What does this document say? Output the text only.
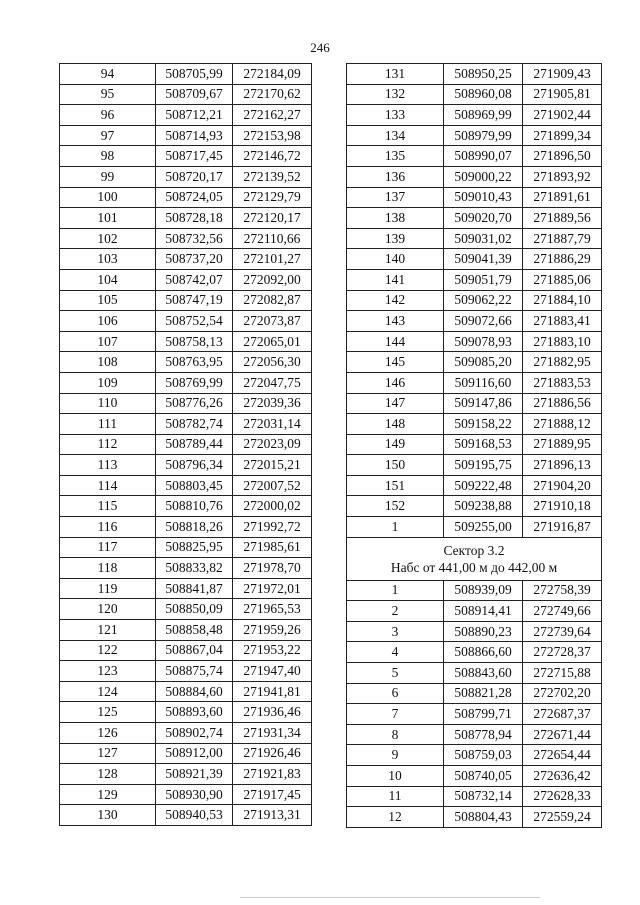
246
94	508705,99	272184,09
95	508709,67	272170,62
96	508712,21	272162,27
97	508714,93	272153,98
98	508717,45	272146,72
99	508720,17	272139,52
100	508724,05	272129,79
101	508728,18	272120,17
102	508732,56	272110,66
103	508737,20	272101,27
104	508742,07	272092,00
105	508747,19	272082,87
106	508752,54	272073,87
107	508758,13	272065,01
108	508763,95	272056,30
109	508769,99	272047,75
110	508776,26	272039,36
111	508782,74	272031,14
112	508789,44	272023,09
113	508796,34	272015,21
114	508803,45	272007,52
115	508810,76	272000,02
116	508818,26	271992,72
117	508825,95	271985,61
118	508833,82	271978,70
119	508841,87	271972,01
120	508850,09	271965,53
121	508858,48	271959,26
122	508867,04	271953,22
123	508875,74	271947,40
124	508884,60	271941,81
125	508893,60	271936,46
126	508902,74	271931,34
127	508912,00	271926,46
128	508921,39	271921,83
129	508930,90	271917,45
130	508940,53	271913,31
131	508950,25	271909,43
132	508960,08	271905,81
133	508969,99	271902,44
134	508979,99	271899,34
135	508990,07	271896,50
136	509000,22	271893,92
137	509010,43	271891,61
138	509020,70	271889,56
139	509031,02	271887,79
140	509041,39	271886,29
141	509051,79	271885,06
142	509062,22	271884,10
143	509072,66	271883,41
144	509078,93	271883,10
145	509085,20	271882,95
146	509116,60	271883,53
147	509147,86	271886,56
148	509158,22	271888,12
149	509168,53	271889,95
150	509195,75	271896,13
151	509222,48	271904,20
152	509238,88	271910,18
1	509255,00	271916,87

Сектор 3.2
Набс от 441,00 м до 442,00 м		

1	508939,09	272758,39
2	508914,41	272749,66
3	508890,23	272739,64
4	508866,60	272728,37
5	508843,60	272715,88
6	508821,28	272702,20
7	508799,71	272687,37
8	508778,94	272671,44
9	508759,03	272654,44
10	508740,05	272636,42
11	508732,14	272628,33
12	508804,43	272559,24
